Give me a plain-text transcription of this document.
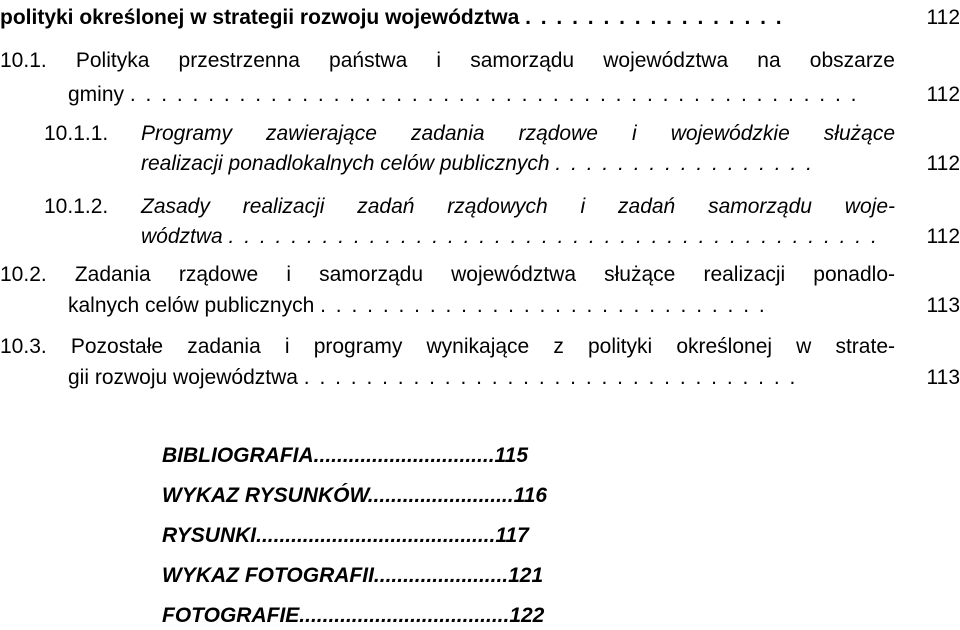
polityki określonej w strategii rozwoju województwa . . . . . . . . . . . . . . . . .	112
10.1. Polityka przestrzenna państwa i samorządu województwa na obszarze
gminy . . . . . . . . . . . . . . . . . . . . . . . . . . . . . . . . . . . . . . . . . . . . . . .	112
10.1.1. Programy zawierające zadania rządowe i wojewódzkie służące
realizacji ponadlokalnych celów publicznych . . . . . . . . . . . . . . . . .	112
10.1.2. Zasady realizacji zadań rządowych i zadań samorządu woje-
wództwa . . . . . . . . . . . . . . . . . . . . . . . . . . . . . . . . . . . . . . . . . . 112
10.2. Zadania rządowe i samorządu województwa służące realizacji ponadlo-
kalnych celów publicznych . . . . . . . . . . . . . . . . . . . . . . . . . . . . .	113
10.3. Pozostałe zadania i programy wynikające z polityki określonej w strate-
gii rozwoju województwa . . . . . . . . . . . . . . . . . . . . . . . . . . . . . . . .	113
BIBLIOGRAFIA...............................115
WYKAZ RYSUNKÓW.........................116
RYSUNKI.........................................117
WYKAZ FOTOGRAFII.......................121
FOTOGRAFIE....................................122
